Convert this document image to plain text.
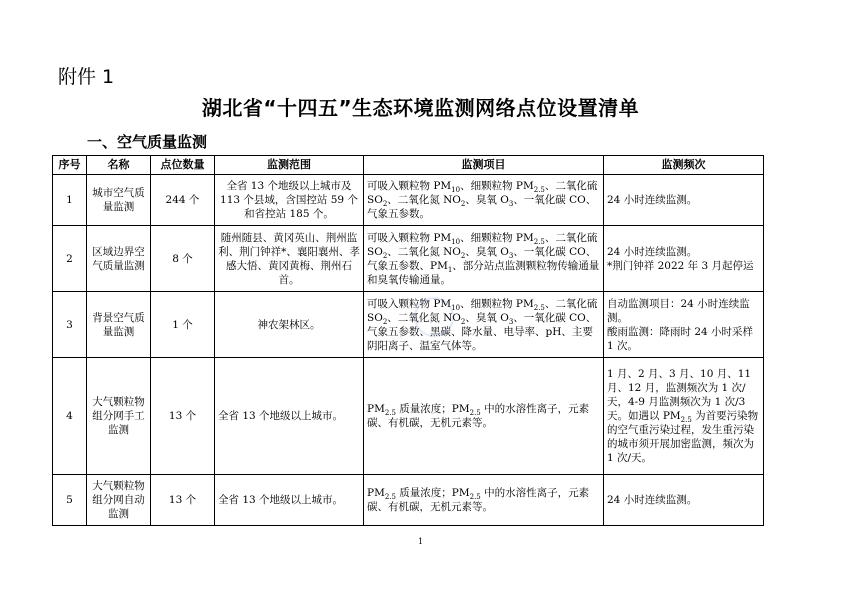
附件 1
湖北省“十四五”生态环境监测网络点位设置清单
一、空气质量监测
序号	名称	点位数量	监测范围	监测项目	监测频次
1	城市空气质量监测	244 个	全省 13 个地级以上城市及 113 个县域，含国控站 59 个和省控站 185 个。	可吸入颗粒物 $PM_{10}$、细颗粒物 $PM_{2.5}$、二氧化硫 $SO_2$、二氧化氮 $NO_2$、臭氧 $O_3$、一氧化碳 CO、气象五参数。	24 小时连续监测。
2	区域边界空气质量监测	8 个	随州随县、黄冈英山、荆州监利、荆门钟祥*、襄阳襄州、孝感大悟、黄冈黄梅、荆州石首。	可吸入颗粒物 $PM_{10}$、细颗粒物 $PM_{2.5}$、二氧化硫 $SO_2$、二氧化氮 $NO_2$、臭氧 $O_3$、一氧化碳 CO、气象五参数、$PM_1$、部分站点监测颗粒物传输通量和臭氧传输通量。	24 小时连续监测。
*荆门钟祥 2022 年 3 月起停运
3	背景空气质量监测	1 个	神农架林区。	可吸入颗粒物 $PM_{10}$、细颗粒物 $PM_{2.5}$、二氧化硫 $SO_2$、二氧化氮 $NO_2$、臭氧 $O_3$、一氧化碳 CO、气象五参数、黑碳、降水量、电导率、pH、主要阴阳离子、温室气体等。	自动监测项目：24 小时连续监测。
酸雨监测：降雨时 24 小时采样 1 次。
4	大气颗粒物组分网手工监测	13 个	全省 13 个地级以上城市。	$PM_{2.5}$ 质量浓度；$PM_{2.5}$ 中的水溶性离子，元素碳、有机碳，无机元素等。	1 月、2 月、3 月、10 月、11 月、12 月，监测频次为 1 次/天，4-9 月监测频次为 1 次/3 天。如遇以 $PM_{2.5}$ 为首要污染物的空气重污染过程，发生重污染的城市须开展加密监测，频次为 1 次/天。
5	大气颗粒物组分网自动监测	13 个	全省 13 个地级以上城市。	$PM_{2.5}$ 质量浓度；$PM_{2.5}$ 中的水溶性离子，元素碳、有机碳，无机元素等。	24 小时连续监测。
1
